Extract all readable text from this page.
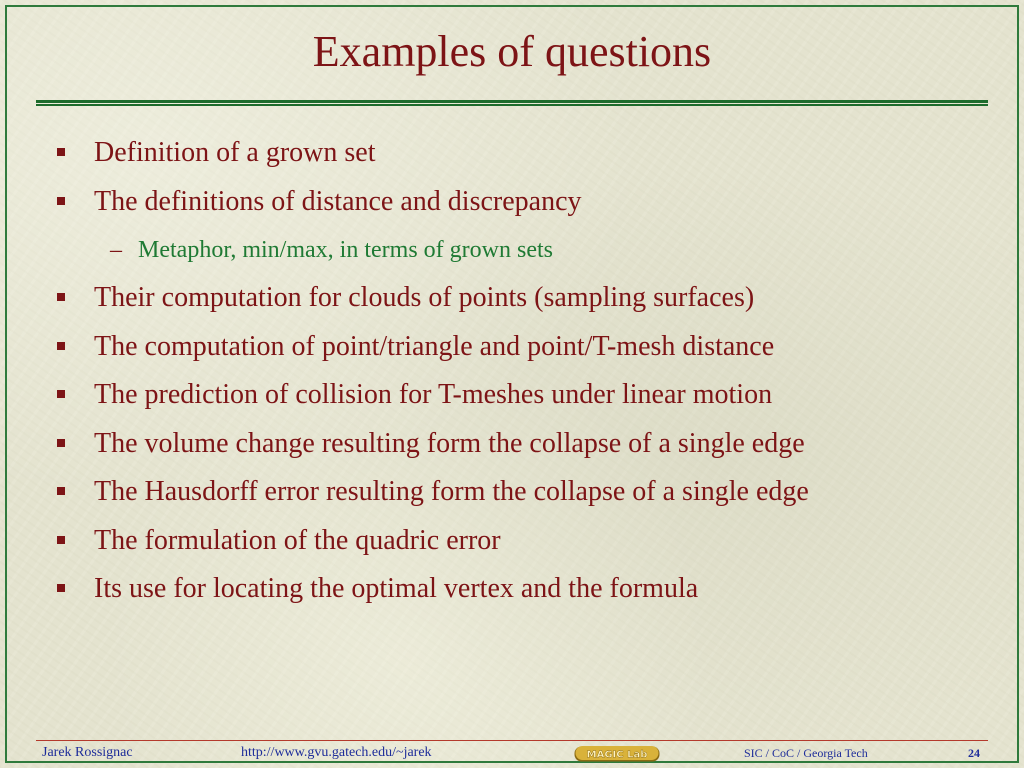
Examples of questions
Definition of a grown set
The definitions of distance and discrepancy
– Metaphor, min/max, in terms of grown sets
Their computation for clouds of points (sampling surfaces)
The computation of point/triangle and point/T-mesh distance
The prediction of collision for T-meshes under linear motion
The volume change resulting form the collapse of a single edge
The Hausdorff error resulting form the collapse of a single edge
The formulation of the quadric error
Its use for locating the optimal vertex and the formula
Jarek Rossignac	http://www.gvu.gatech.edu/~jarek	MAGIC Lab	SIC / CoC / Georgia Tech	24
